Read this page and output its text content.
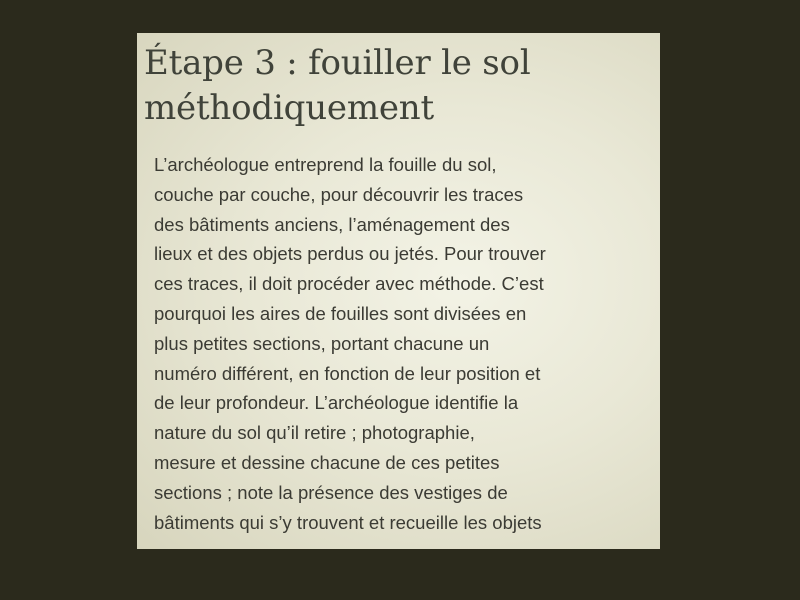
Étape 3 : fouiller le sol
méthodiquement

L’archéologue entreprend la fouille du sol,
couche par couche, pour découvrir les traces
des bâtiments anciens, l’aménagement des
lieux et des objets perdus ou jetés. Pour trouver
ces traces, il doit procéder avec méthode. C’est
pourquoi les aires de fouilles sont divisées en
plus petites sections, portant chacune un
numéro différent, en fonction de leur position et
de leur profondeur. L’archéologue identifie la
nature du sol qu’il retire ; photographie,
mesure et dessine chacune de ces petites
sections ; note la présence des vestiges de
bâtiments qui s’y trouvent et recueille les objets
